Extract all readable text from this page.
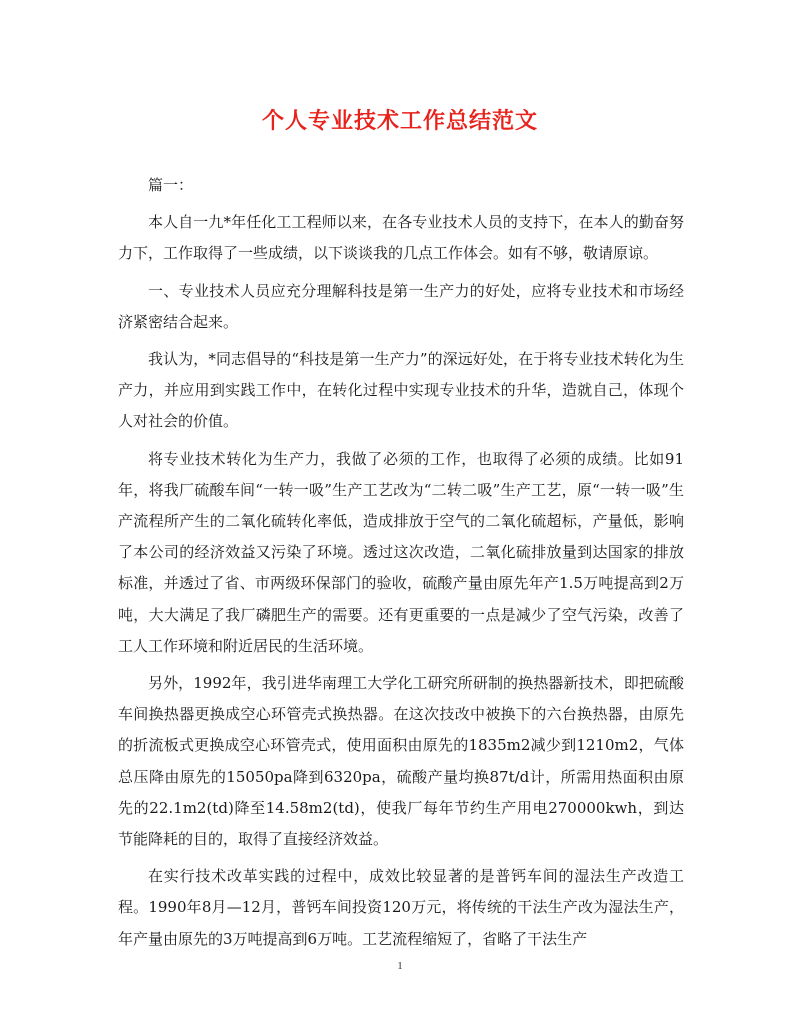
个人专业技术工作总结范文

篇一：

本人自一九*年任化工工程师以来，在各专业技术人员的支持下，在本人的勤奋努力下，工作取得了一些成绩，以下谈谈我的几点工作体会。如有不够，敬请原谅。

一、专业技术人员应充分理解科技是第一生产力的好处，应将专业技术和市场经济紧密结合起来。

我认为，*同志倡导的“科技是第一生产力”的深远好处，在于将专业技术转化为生产力，并应用到实践工作中，在转化过程中实现专业技术的升华，造就自己，体现个人对社会的价值。

将专业技术转化为生产力，我做了必须的工作，也取得了必须的成绩。比如91年，将我厂硫酸车间“一转一吸”生产工艺改为“二转二吸”生产工艺，原“一转一吸”生产流程所产生的二氧化硫转化率低，造成排放于空气的二氧化硫超标，产量低，影响了本公司的经济效益又污染了环境。透过这次改造，二氧化硫排放量到达国家的排放标准，并透过了省、市两级环保部门的验收，硫酸产量由原先年产1.5万吨提高到2万吨，大大满足了我厂磷肥生产的需要。还有更重要的一点是减少了空气污染，改善了工人工作环境和附近居民的生活环境。

另外，1992年，我引进华南理工大学化工研究所研制的换热器新技术，即把硫酸车间换热器更换成空心环管壳式换热器。在这次技改中被换下的六台换热器，由原先的折流板式更换成空心环管壳式，使用面积由原先的1835m2减少到1210m2，气体总压降由原先的15050pa降到6320pa，硫酸产量均换87t/d计，所需用热面积由原先的22.1m2(td)降至14.58m2(td)，使我厂每年节约生产用电270000kwh，到达节能降耗的目的，取得了直接经济效益。

在实行技术改革实践的过程中，成效比较显著的是普钙车间的湿法生产改造工程。1990年8月—12月，普钙车间投资120万元，将传统的干法生产改为湿法生产，年产量由原先的3万吨提高到6万吨。工艺流程缩短了，省略了干法生产

1
